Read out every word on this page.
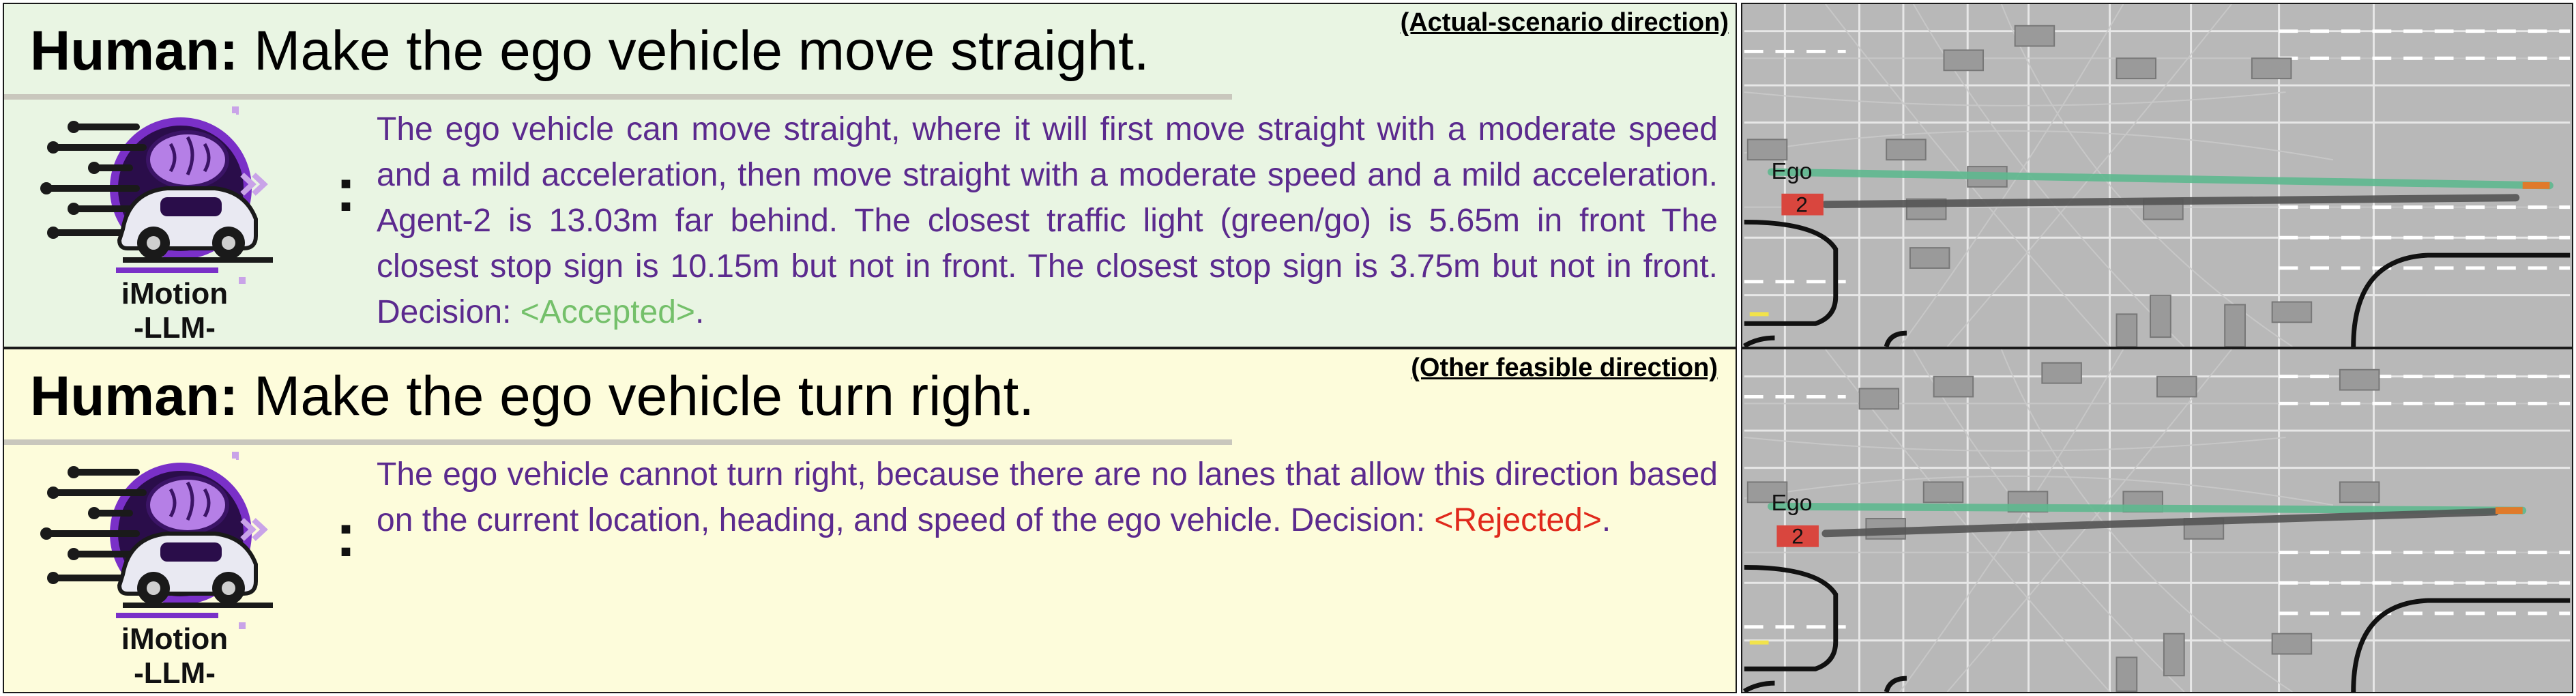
Human: Make the ego vehicle move straight.	(Actual-scenario direction)
iMotion
-LLM-
:
The ego vehicle can move straight, where it will first move straight with a moderate speed and a mild acceleration, then move straight with a moderate speed and a mild acceleration. Agent-2 is 13.03m far behind. The closest traffic light (green/go) is 5.65m in front The closest stop sign is 10.15m but not in front. The closest stop sign is 3.75m but not in front. Decision: <Accepted>.
Human: Make the ego vehicle turn right.	(Other feasible direction)
iMotion
-LLM-
:
The ego vehicle cannot turn right, because there are no lanes that allow this direction based on the current location, heading, and speed of the ego vehicle. Decision: <Rejected>.
Ego
2
Ego
2
